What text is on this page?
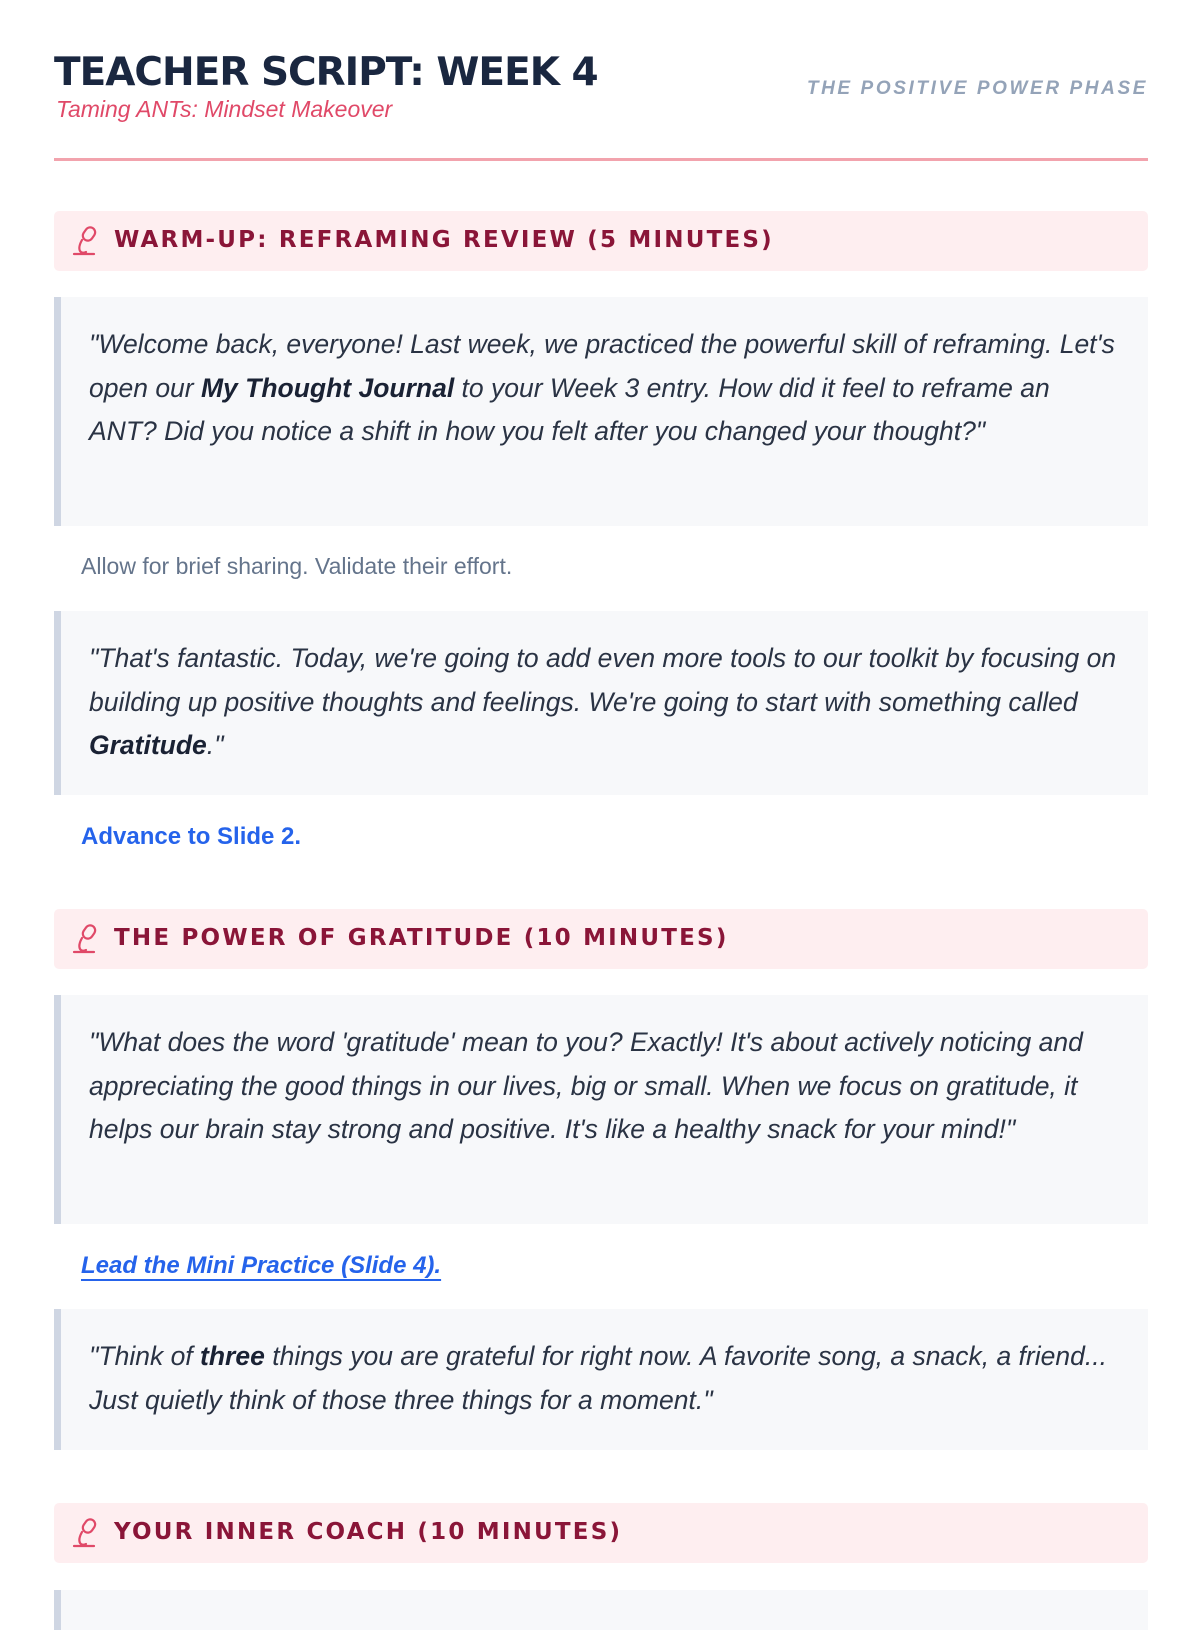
TEACHER SCRIPT: WEEK 4
Taming ANTs: Mindset Makeover
THE POSITIVE POWER PHASE
WARM-UP: REFRAMING REVIEW (5 MINUTES)
"Welcome back, everyone! Last week, we practiced the powerful skill of reframing. Let's open our My Thought Journal to your Week 3 entry. How did it feel to reframe an ANT? Did you notice a shift in how you felt after you changed your thought?"
Allow for brief sharing. Validate their effort.
"That's fantastic. Today, we're going to add even more tools to our toolkit by focusing on building up positive thoughts and feelings. We're going to start with something called Gratitude."
Advance to Slide 2.
THE POWER OF GRATITUDE (10 MINUTES)
"What does the word 'gratitude' mean to you? Exactly! It's about actively noticing and appreciating the good things in our lives, big or small. When we focus on gratitude, it helps our brain stay strong and positive. It's like a healthy snack for your mind!"
Lead the Mini Practice (Slide 4).
"Think of three things you are grateful for right now. A favorite song, a snack, a friend... Just quietly think of those three things for a moment."
YOUR INNER COACH (10 MINUTES)
